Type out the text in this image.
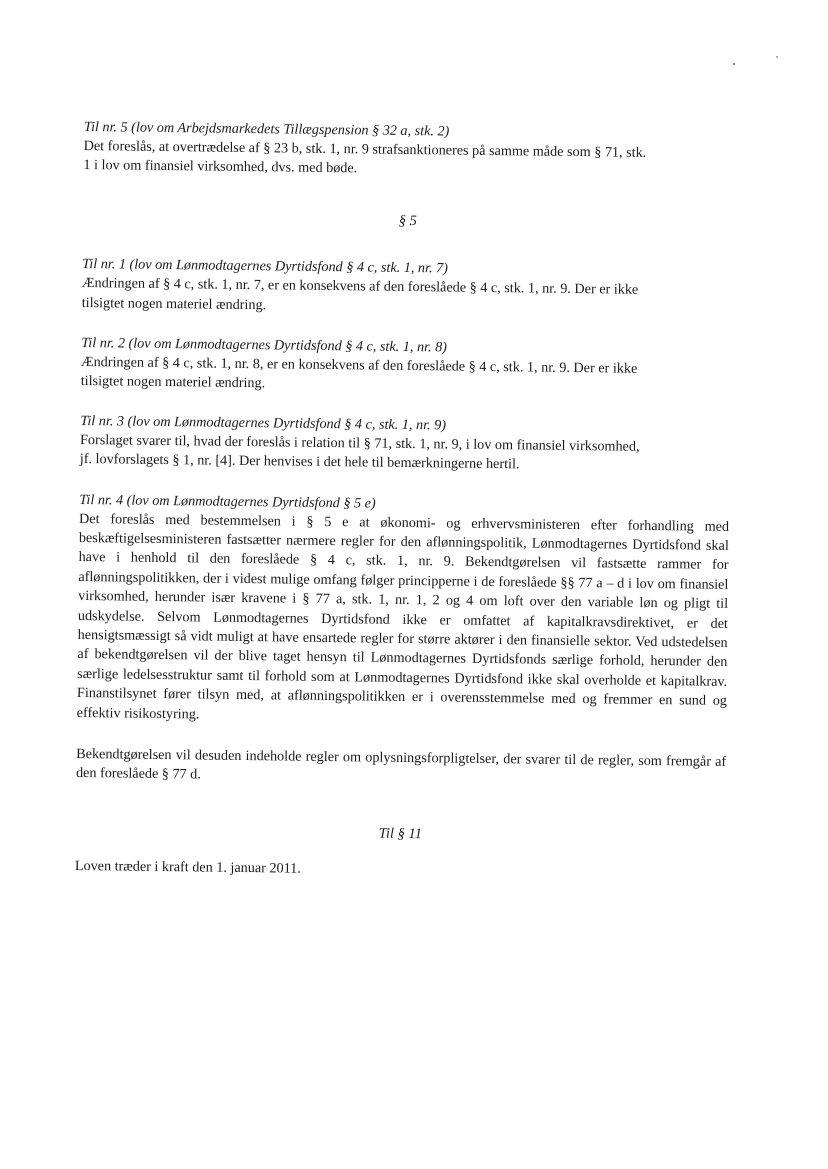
Til nr. 5 (lov om Arbejdsmarkedets Tillægspension § 32 a, stk. 2)

Det foreslås, at overtrædelse af § 23 b, stk. 1, nr. 9 strafsanktioneres på samme måde som § 71, stk.

1 i lov om finansiel virksomhed, dvs. med bøde.

§ 5

Til nr. 1 (lov om Lønmodtagernes Dyrtidsfond § 4 c, stk. 1, nr. 7)

Ændringen af § 4 c, stk. 1, nr. 7, er en konsekvens af den foreslåede § 4 c, stk. 1, nr. 9. Der er ikke

tilsigtet nogen materiel ændring.

Til nr. 2 (lov om Lønmodtagernes Dyrtidsfond § 4 c, stk. 1, nr. 8)

Ændringen af § 4 c, stk. 1, nr. 8, er en konsekvens af den foreslåede § 4 c, stk. 1, nr. 9. Der er ikke

tilsigtet nogen materiel ændring.

Til nr. 3 (lov om Lønmodtagernes Dyrtidsfond § 4 c, stk. 1, nr. 9)

Forslaget svarer til, hvad der foreslås i relation til § 71, stk. 1, nr. 9, i lov om finansiel virksomhed,

jf. lovforslagets § 1, nr. [4]. Der henvises i det hele til bemærkningerne hertil.

Til nr. 4 (lov om Lønmodtagernes Dyrtidsfond § 5 e)

Det foreslås med bestemmelsen i § 5 e at økonomi- og erhvervsministeren efter forhandling med beskæftigelsesministeren fastsætter nærmere regler for den aflønningspolitik, Lønmodtagernes Dyrtidsfond skal have i henhold til den foreslåede § 4 c, stk. 1, nr. 9. Bekendtgørelsen vil fastsætte rammer for aflønningspolitikken, der i videst mulige omfang følger principperne i de foreslåede §§ 77 a – d i lov om finansiel virksomhed, herunder især kravene i § 77 a, stk. 1, nr. 1, 2 og 4 om loft over den variable løn og pligt til udskydelse. Selvom Lønmodtagernes Dyrtidsfond ikke er omfattet af kapitalkravsdirektivet, er det hensigtsmæssigt så vidt muligt at have ensartede regler for større aktører i den finansielle sektor. Ved udstedelsen af bekendtgørelsen vil der blive taget hensyn til Lønmodtagernes Dyrtidsfonds særlige forhold, herunder den særlige ledelsesstruktur samt til forhold som at Lønmodtagernes Dyrtidsfond ikke skal overholde et kapitalkrav. Finanstilsynet fører tilsyn med, at aflønningspolitikken er i overensstemmelse med og fremmer en sund og effektiv risikostyring.

Bekendtgørelsen vil desuden indeholde regler om oplysningsforpligtelser, der svarer til de regler, som fremgår af den foreslåede § 77 d.

Til § 11

Loven træder i kraft den 1. januar 2011.
